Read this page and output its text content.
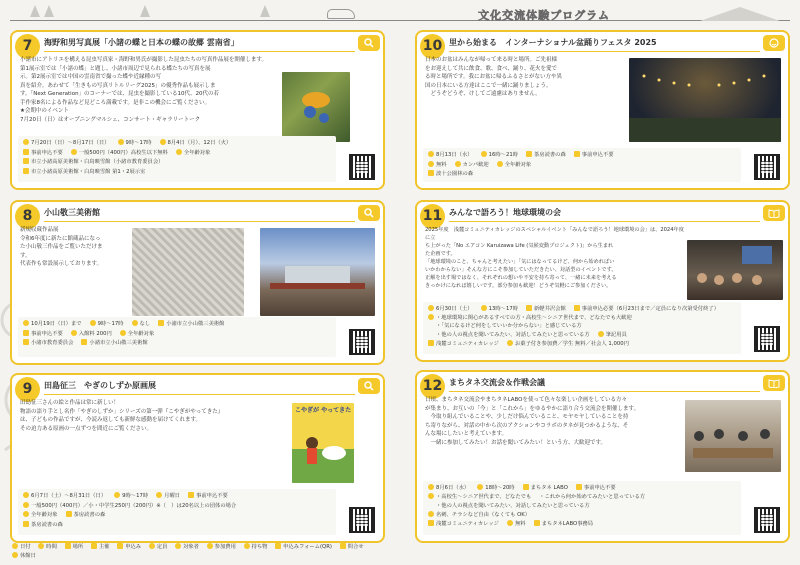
文化交流体験プログラム
7	海野和男写真展「小諸の蝶と日本の蝶の故郷 雲南省」
小諸市にアトリエを構える昆虫写真家・海野和男氏が撮影した昆虫たちの写真作品展を開催します。
第1展示室では「小諸の蝶」と題し、小諸市周辺で見られる蝶たちの写真を展
示。第2展示室では中国の雲南省で撮った蝶や近縁種の写
真を紹介。あわせて「生きもの写真リトルリーグ2025」の優秀作品も展示しま
す。「Next Generation」のコーナーでは、昆虫を撮影している10代、20代の若
手作家8名による作品など見どころ満載です。是非この機会にご覧ください。
★会期中のイベント
7月20日（日）はオープニングマルシェ、コンサート・ギャラリートーク
7月20日（日）～8月17日（日）	9時～17時	8月4日（月）、12日（火）
事前申込不要	一般500円（400円）高校生以下無料	全年齢対象
市立小諸高原美術館・白鳥映雪館（小諸市教育委員会）
市立小諸高原美術館・白鳥映雪館 第1・2展示室
8	小山敬三美術館
新規収蔵作品展
令和6年度に新たに館蔵品になっ
た小山敬三作品をご覧いただけま
す。
代表作も常設展示しております。
10月19日（日）まで	9時～17時	なし	小諸市立小山敬三美術館
事前申込不要	入館料 200円	全年齢対象
小諸市教育委員会	小諸市立小山敬三美術館
9	田島征三　やぎのしずか原画展
田島征三さんの絵と作品は常に新しい！
物語の語り手とし名作「やぎのしずか」シリーズの第一弾『こやぎがやってきた』
は、子どもの作品ですが、今読み返しても新鮮な感動を届けてくれます。
その迫力ある原画の一点ずつを間近にご覧ください。
こやぎが やってきた
6月7日（土）～8月31日（日）	9時～17時	月曜日	事前申込不要
一般500円（400円）／小・中学生250円（200円）※（　）は20名以上の団体の場合
全年齢対象	茶房読書の森
茶房読書の森
10 里から始まる　インターナショナル盆踊りフェスタ 2025
日本のお盆はみんなが帰って来る時と場所。ご先祖様
をお迎えして共に飲食、歌、食べ、踊り、花火を愛で
る時と場所です。我にお盆に帰るふるさとがない方や異
国の日本にいる方達はここで一緒に踊りましょう。
　どうぞどうぞ、けしてご遠慮はありません。
8月13日（水）	16時～21時	茶房読書の森	事前申込不要
無料	カンパ歓迎	全年齢対象
波十公園林の森
11 みんなで語ろう！地球環境の会
2025年度　浅麓コミュニティカレッジのスペシャルイベント「みんなで語ろう！地球環境の会」は、2024年度に立
ち上がった「No エアコン Karuizawa Life (気候変動プロジェクト)」から生まれ
た企画です。
「地球環境のこと、ちゃんと考えたい」「気にはなってるけど、何から始めればい
いかわからない」そんな方にこそ参加していただきたい、対話型のイベントです。
正解を出す場ではなく、それぞれの想いや不安を持ち寄って、一緒に未来を考える
きっかけになれば嬉しいです。部分参加も歓迎！どうぞ気軽にご参加ください。
6月30日（土）	13時～17時	新軽井沢会館	事前申込必要（6月23日まで／定員になり次第受付終了）
・地球環境に関心があるすべての方・高校生～シニア世代まで、どなたでも大歓迎
・「気になるけど何をしていいか分からない」と感じている方
・他の人の視点を聞いてみたい、対話してみたいと思っている方	筆記用具
浅麓コミュニティカレッジ	お菓子付き参加費／学生 無料／社会人 1,000円
12 まちタネ交流会＆作戦会議
日頃、まちタネ交流会やまちタネLABOを使って色々な楽しい企画をしている方々
が集まり、お互いの「今」と「これから」をゆるやかに語り合う交流会を開催します。
　今取り組んでいることや、少しだけ悩んでいること、モヤモヤしていることを持
ち寄りながら、対話の中から次のアクションやコラボのタネが見つかるような、そ
んな場にしたいと考えています。
　一緒に参加してみたい！お話を聞いてみたい！という方、大歓迎です。
8月6日（水）	18時～20時	まちタネ LABO	事前申込不要
・高校生～シニア世代まで、どなたでも ・これから何か始めてみたいと思っている方
・他の人の視点を聞いてみたい、対話してみたいと思っている方
名刺、チラシなど自由（なくても OK）
浅麓コミュニティカレッジ	無料	まちタネLABO事務局
日付	時間	場所	主催	申込み	定員	対象者	参加費用	持ち物	申込みフォーム(QR)	問合せ
休館日
